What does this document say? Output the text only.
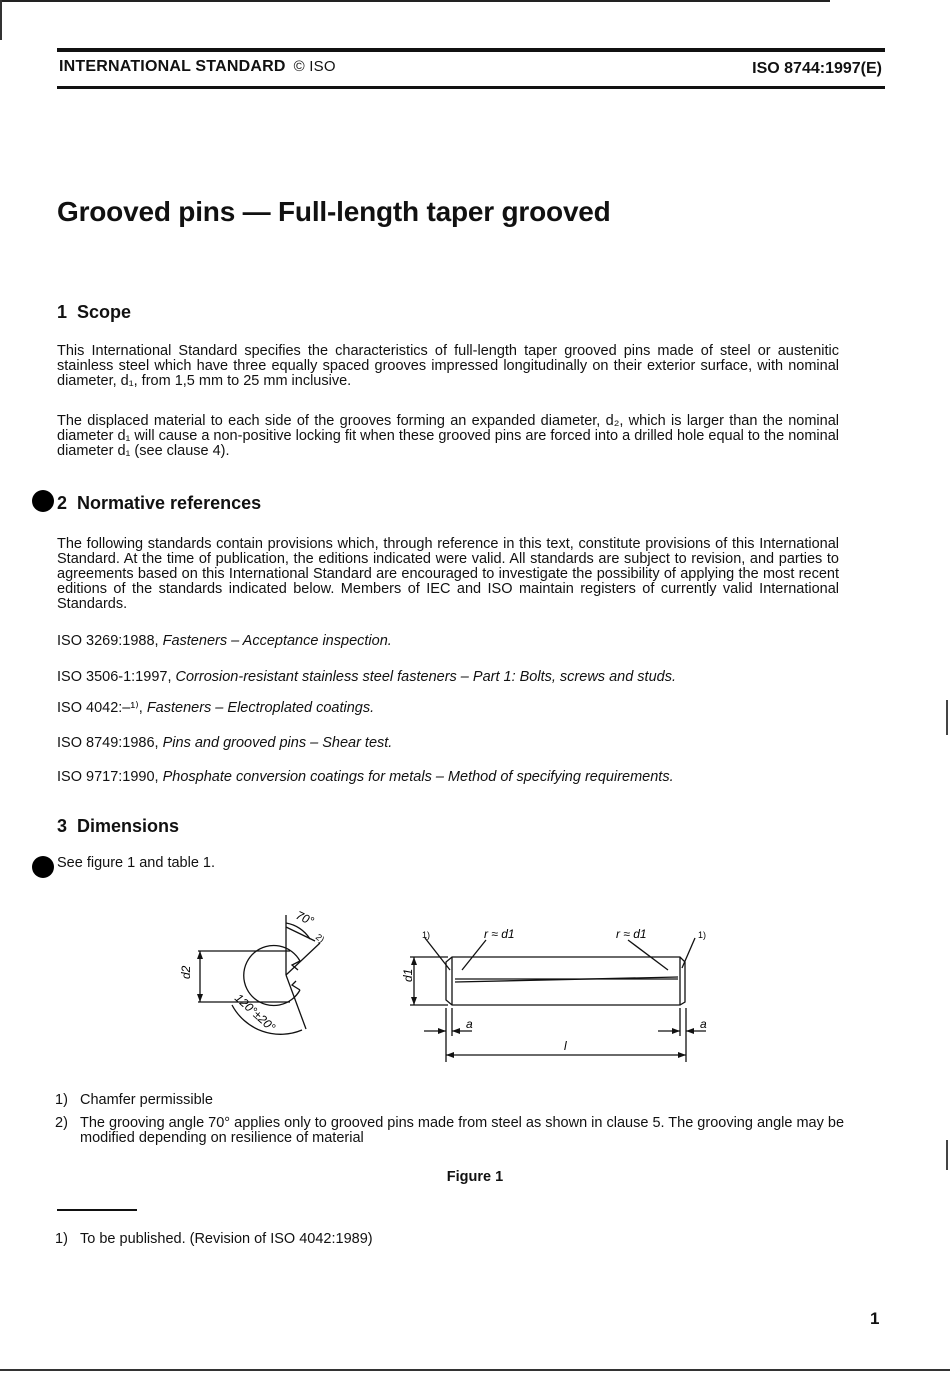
INTERNATIONAL STANDARD © ISO	ISO 8744:1997(E)
Grooved pins — Full-length taper grooved
1 Scope

This International Standard specifies the characteristics of full-length taper grooved pins made of steel or austenitic stainless steel which have three equally spaced grooves impressed longitudinally on their exterior surface, with nominal diameter, d₁, from 1,5 mm to 25 mm inclusive.

The displaced material to each side of the grooves forming an expanded diameter, d₂, which is larger than the nominal diameter d₁ will cause a non-positive locking fit when these grooved pins are forced into a drilled hole equal to the nominal diameter d₁ (see clause 4).

2 Normative references

The following standards contain provisions which, through reference in this text, constitute provisions of this International Standard. At the time of publication, the editions indicated were valid. All standards are subject to revision, and parties to agreements based on this International Standard are encouraged to investigate the possibility of applying the most recent editions of the standards indicated below. Members of IEC and ISO maintain registers of currently valid International Standards.

ISO 3269:1988, Fasteners – Acceptance inspection.

ISO 3506-1:1997, Corrosion-resistant stainless steel fasteners – Part 1: Bolts, screws and studs.

ISO 4042:–¹⁾, Fasteners – Electroplated coatings.

ISO 8749:1986, Pins and grooved pins – Shear test.

ISO 9717:1990, Phosphate conversion coatings for metals – Method of specifying requirements.

3 Dimensions

See figure 1 and table 1.

d2
70°
2)
120°±20°
1)	1)
r ≈ d1	r ≈ d1
d1
a	a
l
1) Chamfer permissible
2) The grooving angle 70° applies only to grooved pins made from steel as shown in clause 5. The grooving angle may be modified depending on resilience of material
Figure 1
1) To be published. (Revision of ISO 4042:1989)
1
